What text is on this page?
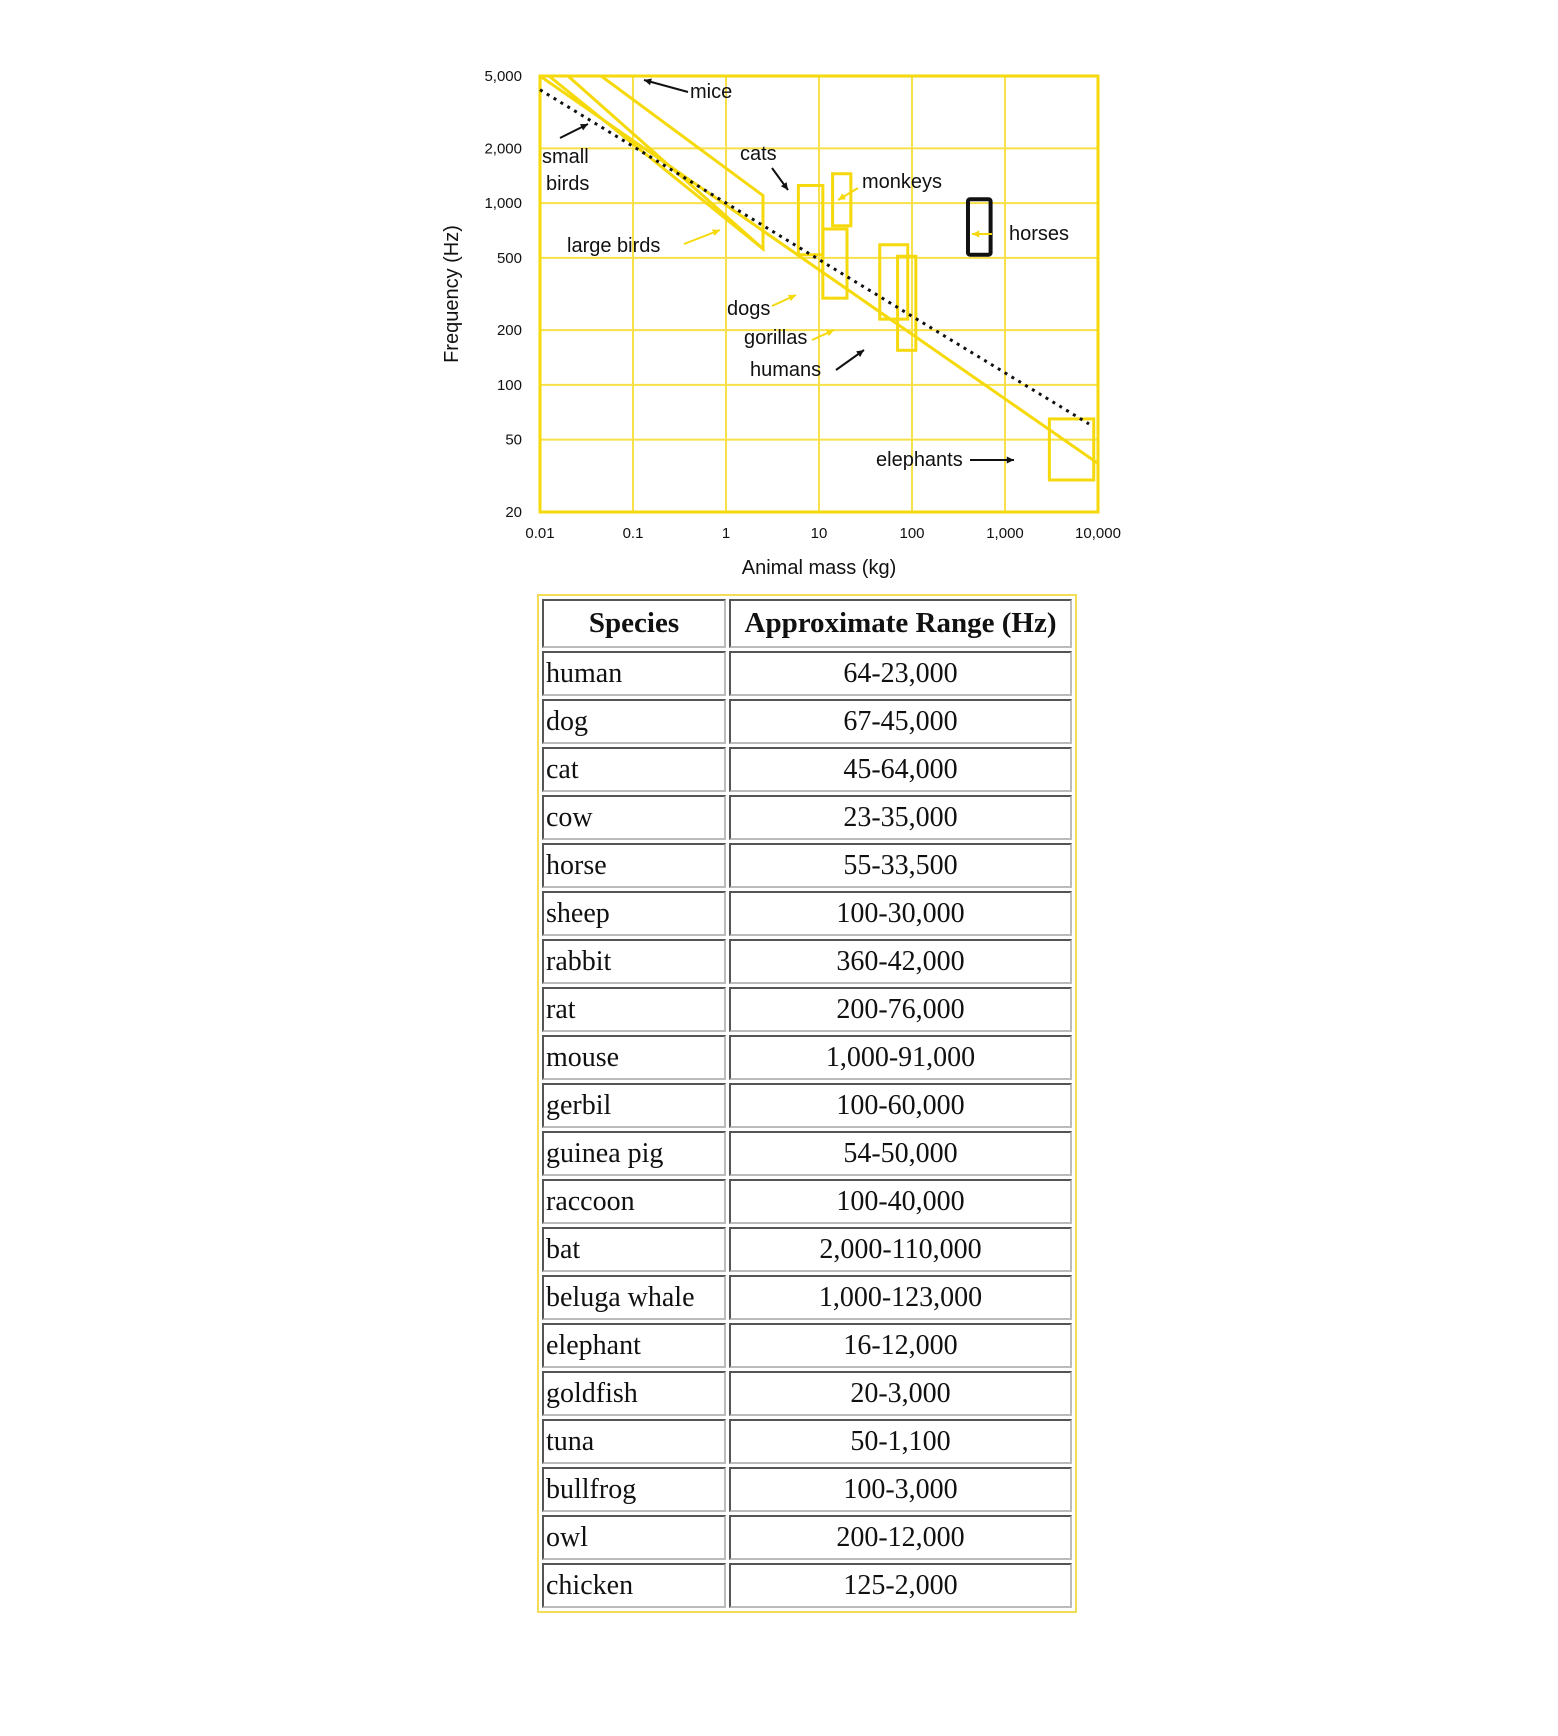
0.01	0.1	1	10	100	1,000	10,000
20
50
100
200
500
1,000
2,000
5,000
Animal mass (kg)
Frequency (Hz)
mice
small
birds
large birds
cats
monkeys
horses
dogs
gorillas
humans
elephants
Species	Approximate Range (Hz)
human	64-23,000
dog	67-45,000
cat	45-64,000
cow	23-35,000
horse	55-33,500
sheep	100-30,000
rabbit	360-42,000
rat	200-76,000
mouse	1,000-91,000
gerbil	100-60,000
guinea pig	54-50,000
raccoon	100-40,000
bat	2,000-110,000
beluga whale	1,000-123,000
elephant	16-12,000
goldfish	20-3,000
tuna	50-1,100
bullfrog	100-3,000
owl	200-12,000
chicken	125-2,000
